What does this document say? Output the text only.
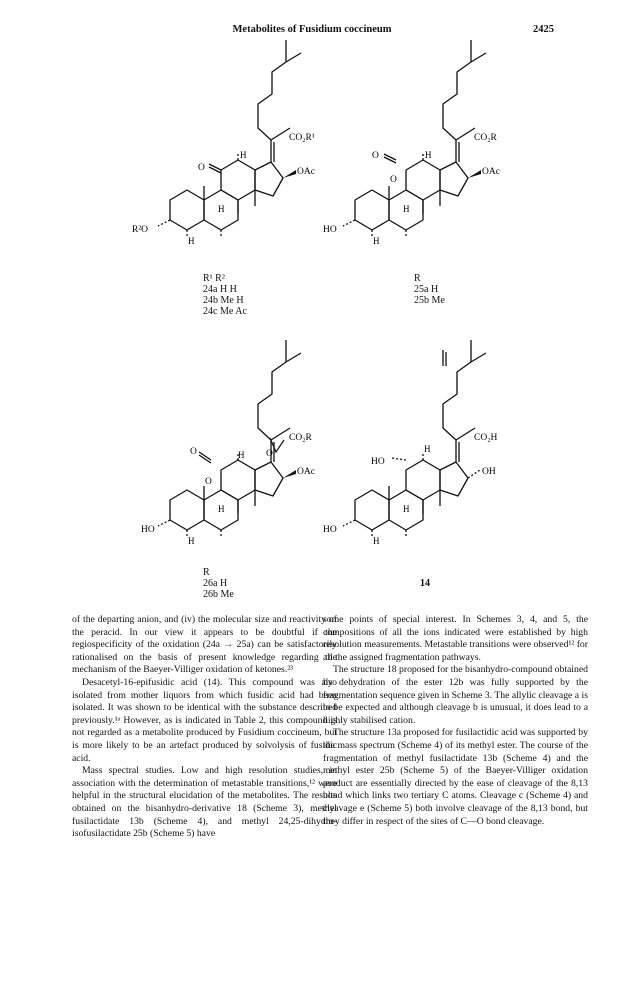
Metabolites of Fusidium coccineum	2425
CO₂R¹
OAc
O
H
H
H
R²O
CO₂R
OAc
O
O
H
H
H
HO
CO₂R
OAc
O
O
O
H
H
H
HO
CO₂H
OH
HO
H
H
H
HO
R¹ R²
24a H H
24b Me H
24c Me Ac
R
25a H
25b Me
R
26a H
26b Me
14

of the departing anion, and (iv) the molecular size and reactivity of the peracid. In our view it appears to be doubtful if the regiospecificity of the oxidation (24a → 25a) can be satisfactorily rationalised on the basis of present knowledge regarding the mechanism of the Baeyer-Villiger oxidation of ketones.²³

Desacetyl-16-epifusidic acid (14). This compound was also isolated from mother liquors from which fusidic acid had been isolated. It was shown to be identical with the substance described previously.¹ᵃ However, as is indicated in Table 2, this compound is not regarded as a metabolite produced by Fusidium coccineum, but is more likely to be an artefact produced by solvolysis of fusidic acid.

Mass spectral studies. Low and high resolution studies, in association with the determination of metastable transitions,¹² were helpful in the structural elucidation of the metabolites. The results obtained on the bisanhydro-derivative 18 (Scheme 3), methyl fusilactidate 13b (Scheme 4), and methyl 24,25-dihydro-isofusilactidate 25b (Scheme 5) have

some points of special interest. In Schemes 3, 4, and 5, the compositions of all the ions indicated were established by high resolution measurements. Metastable transitions were observed¹² for all the assigned fragmentation pathways.

The structure 18 proposed for the bisanhydro-compound obtained by dehydration of the ester 12b was fully supported by the fragmentation sequence given in Scheme 3. The allylic cleavage a is to be expected and although cleavage b is unusual, it does lead to a highly stabilised cation.

The structure 13a proposed for fusilactidic acid was supported by the mass spectrum (Scheme 4) of its methyl ester. The course of the fragmentation of methyl fusilactidate 13b (Scheme 4) and the methyl ester 25b (Scheme 5) of the Baeyer-Villiger oxidation product are essentially directed by the ease of cleavage of the 8,13 bond which links two tertiary C atoms. Cleavage c (Scheme 4) and cleavage e (Scheme 5) both involve cleavage of the 8,13 bond, but they differ in respect of the sites of C—O bond cleavage.
